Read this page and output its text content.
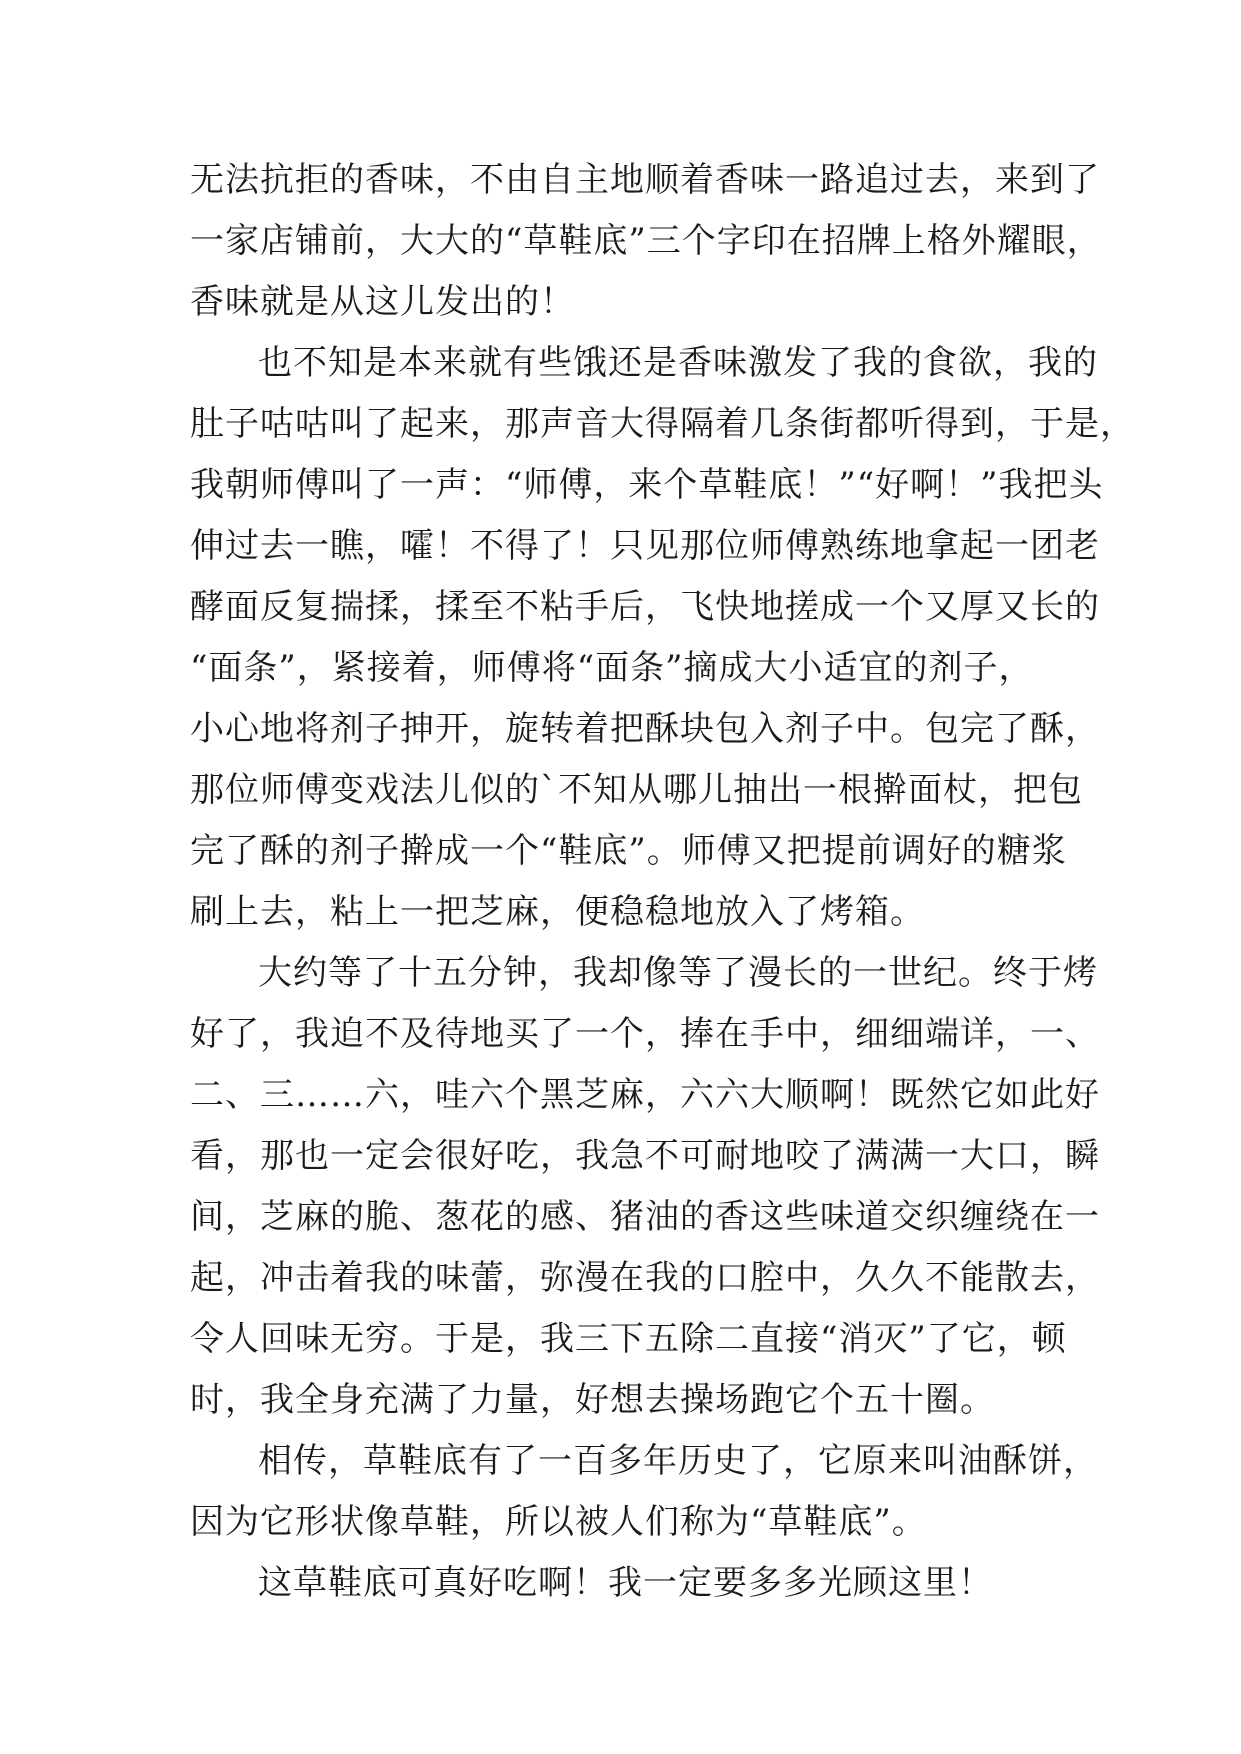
无法抗拒的香味，不由自主地顺着香味一路追过去，来到了
一家店铺前，大大的“草鞋底”三个字印在招牌上格外耀眼，
香味就是从这儿发出的！
也不知是本来就有些饿还是香味激发了我的食欲，我的
肚子咕咕叫了起来，那声音大得隔着几条街都听得到，于是，
我朝师傅叫了一声：“师傅，来个草鞋底！”“好啊！”我把头
伸过去一瞧，嚯！不得了！只见那位师傅熟练地拿起一团老
酵面反复揣揉，揉至不粘手后，飞快地搓成一个又厚又长的
“面条”，紧接着，师傅将“面条”摘成大小适宜的剂子，
小心地将剂子抻开，旋转着把酥块包入剂子中。包完了酥，
那位师傅变戏法儿似的`不知从哪儿抽出一根擀面杖，把包
完了酥的剂子擀成一个“鞋底”。师傅又把提前调好的糖浆
刷上去，粘上一把芝麻，便稳稳地放入了烤箱。
大约等了十五分钟，我却像等了漫长的一世纪。终于烤
好了，我迫不及待地买了一个，捧在手中，细细端详，一、
二、三……六，哇六个黑芝麻，六六大顺啊！既然它如此好
看，那也一定会很好吃，我急不可耐地咬了满满一大口，瞬
间，芝麻的脆、葱花的感、猪油的香这些味道交织缠绕在一
起，冲击着我的味蕾，弥漫在我的口腔中，久久不能散去，
令人回味无穷。于是，我三下五除二直接“消灭”了它，顿
时，我全身充满了力量，好想去操场跑它个五十圈。
相传，草鞋底有了一百多年历史了，它原来叫油酥饼，
因为它形状像草鞋，所以被人们称为“草鞋底”。
这草鞋底可真好吃啊！我一定要多多光顾这里！
